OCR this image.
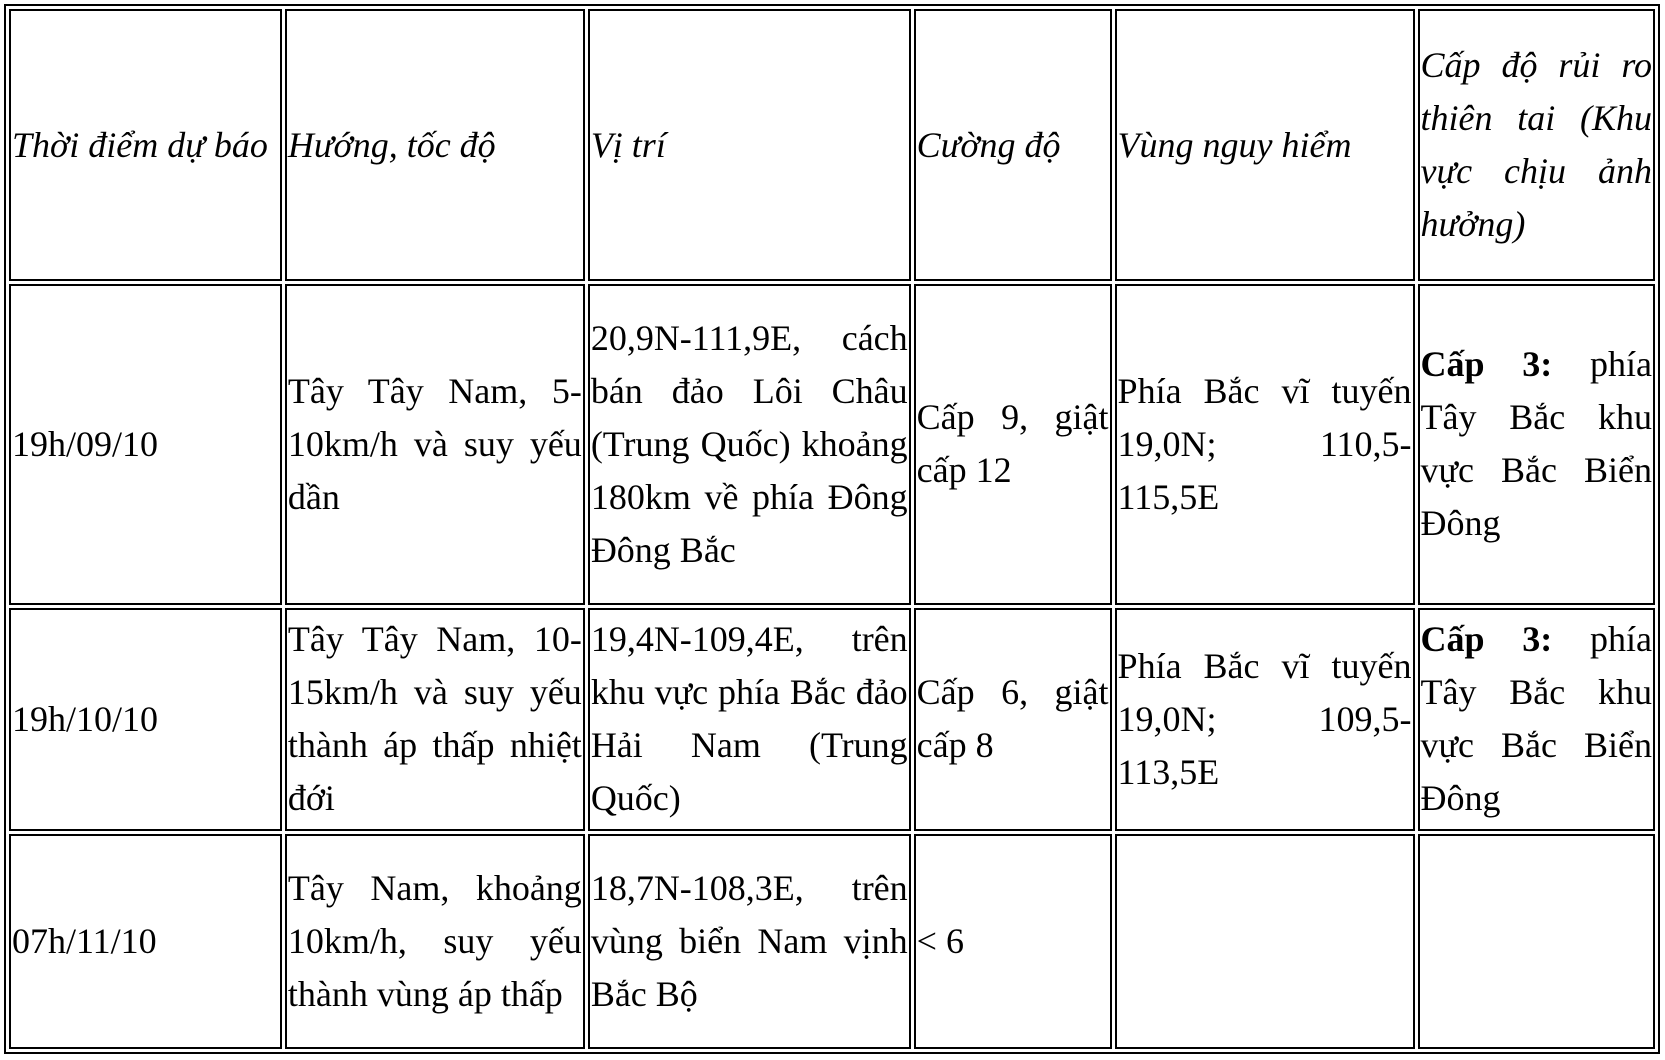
Thời điểm dự báo	Hướng, tốc độ	Vị trí	Cường độ	Vùng nguy hiểm	Cấp độ rủi ro thiên tai (Khu vực chịu ảnh hưởng)
19h/09/10	Tây Tây Nam, 5-10km/h và suy yếu dần	20,9N-111,9E, cách bán đảo Lôi Châu (Trung Quốc) khoảng 180km về phía Đông Đông Bắc	Cấp 9, giật cấp 12	Phía Bắc vĩ tuyến 19,0N; 110,5-115,5E	Cấp 3: phía Tây Bắc khu vực Bắc Biển Đông
19h/10/10	Tây Tây Nam, 10-15km/h và suy yếu thành áp thấp nhiệt đới	19,4N-109,4E, trên khu vực phía Bắc đảo Hải Nam (Trung Quốc)	Cấp 6, giật cấp 8	Phía Bắc vĩ tuyến 19,0N; 109,5-113,5E	Cấp 3: phía Tây Bắc khu vực Bắc Biển Đông
07h/11/10	Tây Nam, khoảng 10km/h, suy yếu thành vùng áp thấp	18,7N-108,3E, trên vùng biển Nam vịnh Bắc Bộ	< 6		
